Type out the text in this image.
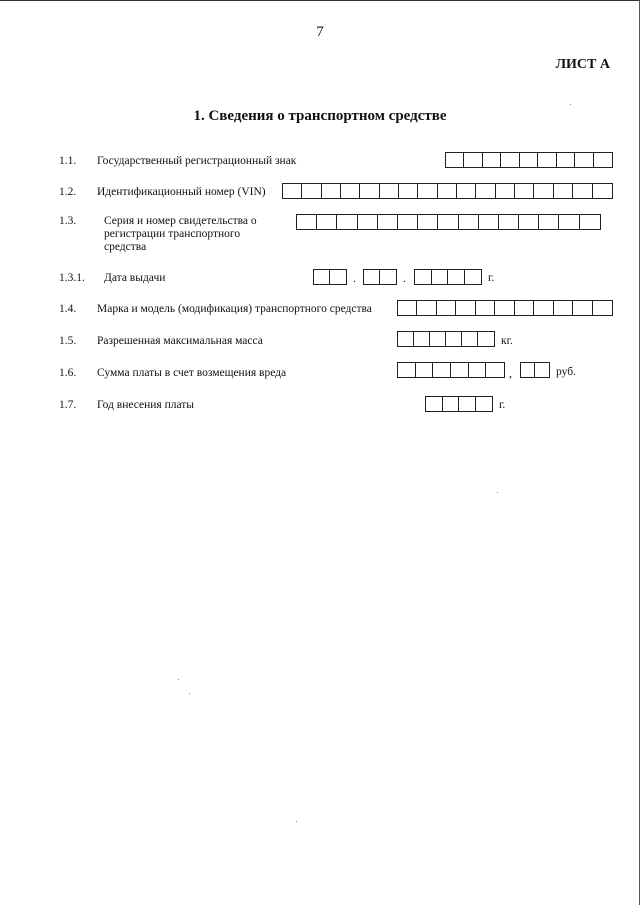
7
ЛИСТ А
1. Сведения о транспортном средстве
1.1. Государственный регистрационный знак
1.2. Идентификационный номер (VIN)
1.3. Серия и номер свидетельства о регистрации транспортного средства
1.3.1. Дата выдачи	.	.	г.
1.4. Марка и модель (модификация) транспортного средства
1.5. Разрешенная максимальная масса	кг.
1.6. Сумма платы в счет возмещения вреда	,	руб.
1.7. Год внесения платы	г.
